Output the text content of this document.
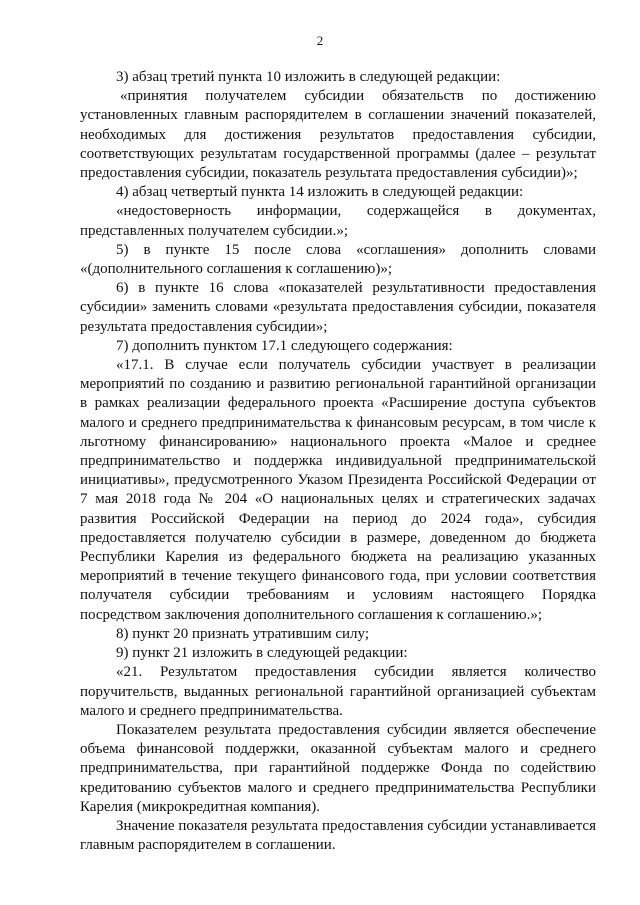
2

3) абзац третий пункта 10 изложить в следующей редакции:

«принятия получателем субсидии обязательств по достижению установленных главным распорядителем в соглашении значений показателей, необходимых для достижения результатов предоставления субсидии, соответствующих результатам государственной программы (далее – результат предоставления субсидии, показатель результата предоставления субсидии)»;

4) абзац четвертый пункта 14 изложить в следующей редакции:

«недостоверность информации, содержащейся в документах, представленных получателем субсидии.»;

5) в пункте 15 после слова «соглашения» дополнить словами «(дополнительного соглашения к соглашению)»;

6) в пункте 16 слова «показателей результативности предоставления субсидии» заменить словами «результата предоставления субсидии, показателя результата предоставления субсидии»;

7) дополнить пунктом 17.1 следующего содержания:

«17.1. В случае если получатель субсидии участвует в реализации мероприятий по созданию и развитию региональной гарантийной организации в рамках реализации федерального проекта «Расширение доступа субъектов малого и среднего предпринимательства к финансовым ресурсам, в том числе к льготному финансированию» национального проекта «Малое и среднее предпринимательство и поддержка индивидуальной предпринимательской инициативы», предусмотренного Указом Президента Российской Федерации от 7 мая 2018 года № 204 «О национальных целях и стратегических задачах развития Российской Федерации на период до 2024 года», субсидия предоставляется получателю субсидии в размере, доведенном до бюджета Республики Карелия из федерального бюджета на реализацию указанных мероприятий в течение текущего финансового года, при условии соответствия получателя субсидии требованиям и условиям настоящего Порядка посредством заключения дополнительного соглашения к соглашению.»;

8) пункт 20 признать утратившим силу;

9) пункт 21 изложить в следующей редакции:

«21. Результатом предоставления субсидии является количество поручительств, выданных региональной гарантийной организацией субъектам малого и среднего предпринимательства.

Показателем результата предоставления субсидии является обеспечение объема финансовой поддержки, оказанной субъектам малого и среднего предпринимательства, при гарантийной поддержке Фонда по содействию кредитованию субъектов малого и среднего предпринимательства Республики Карелия (микрокредитная компания).

Значение показателя результата предоставления субсидии устанавливается главным распорядителем в соглашении.
